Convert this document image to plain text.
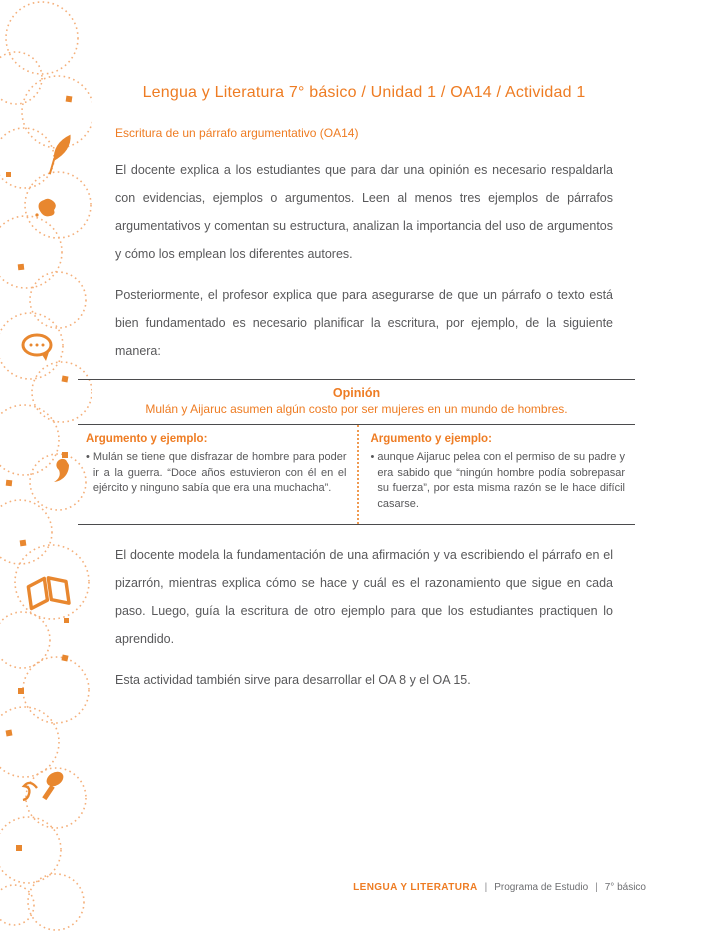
Lengua y Literatura 7° básico / Unidad 1 / OA14 / Actividad 1

Escritura de un párrafo argumentativo (OA14)

El docente explica a los estudiantes que para dar una opinión es necesario respaldarla con evidencias, ejemplos o argumentos. Leen al menos tres ejemplos de párrafos argumentativos y comentan su estructura, analizan la importancia del uso de argumentos y cómo los emplean los diferentes autores.

Posteriormente, el profesor explica que para asegurarse de que un párrafo o texto está bien fundamentado es necesario planificar la escritura, por ejemplo, de la siguiente manera:

Opinión

Mulán y Aijaruc asumen algún costo por ser mujeres en un mundo de hombres.

Argumento y ejemplo:

• Mulán se tiene que disfrazar de hombre para poder ir a la guerra. “Doce años estuvieron con él en el ejército y ninguno sabía que era una muchacha”.

Argumento y ejemplo:

• aunque Aijaruc pelea con el permiso de su padre y era sabido que “ningún hombre podía sobrepasar su fuerza”, por esta misma razón se le hace difícil casarse.

El docente modela la fundamentación de una afirmación y va escribiendo el párrafo en el pizarrón, mientras explica cómo se hace y cuál es el razonamiento que sigue en cada paso. Luego, guía la escritura de otro ejemplo para que los estudiantes practiquen lo aprendido.

Esta actividad también sirve para desarrollar el OA 8 y el OA 15.

LENGUA Y LITERATURA | Programa de Estudio | 7° básico
